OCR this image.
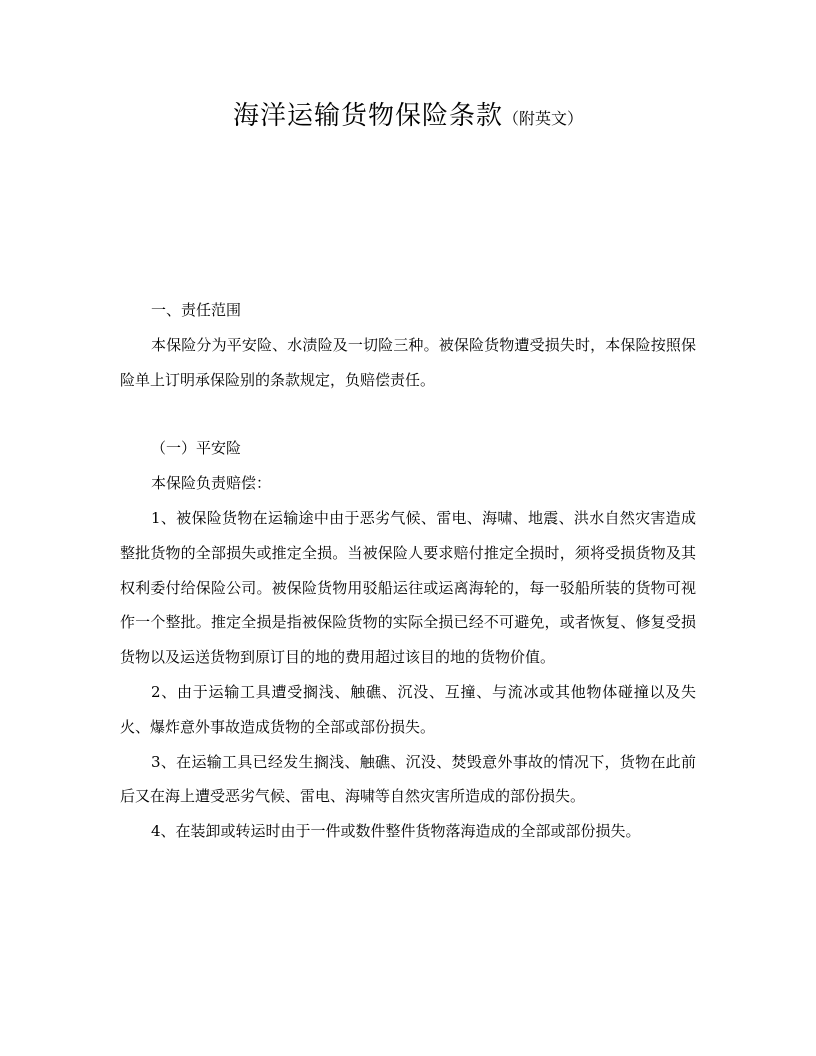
海洋运输货物保险条款（附英文）

一、责任范围

本保险分为平安险、水渍险及一切险三种。被保险货物遭受损失时，本保险按照保险单上订明承保险别的条款规定，负赔偿责任。

（一）平安险

本保险负责赔偿：

1、被保险货物在运输途中由于恶劣气候、雷电、海啸、地震、洪水自然灾害造成整批货物的全部损失或推定全损。当被保险人要求赔付推定全损时，须将受损货物及其权利委付给保险公司。被保险货物用驳船运往或运离海轮的，每一驳船所装的货物可视作一个整批。推定全损是指被保险货物的实际全损已经不可避免，或者恢复、修复受损货物以及运送货物到原订目的地的费用超过该目的地的货物价值。

2、由于运输工具遭受搁浅、触礁、沉没、互撞、与流冰或其他物体碰撞以及失火、爆炸意外事故造成货物的全部或部份损失。

3、在运输工具已经发生搁浅、触礁、沉没、焚毁意外事故的情况下，货物在此前后又在海上遭受恶劣气候、雷电、海啸等自然灾害所造成的部份损失。

4、在装卸或转运时由于一件或数件整件货物落海造成的全部或部份损失。
